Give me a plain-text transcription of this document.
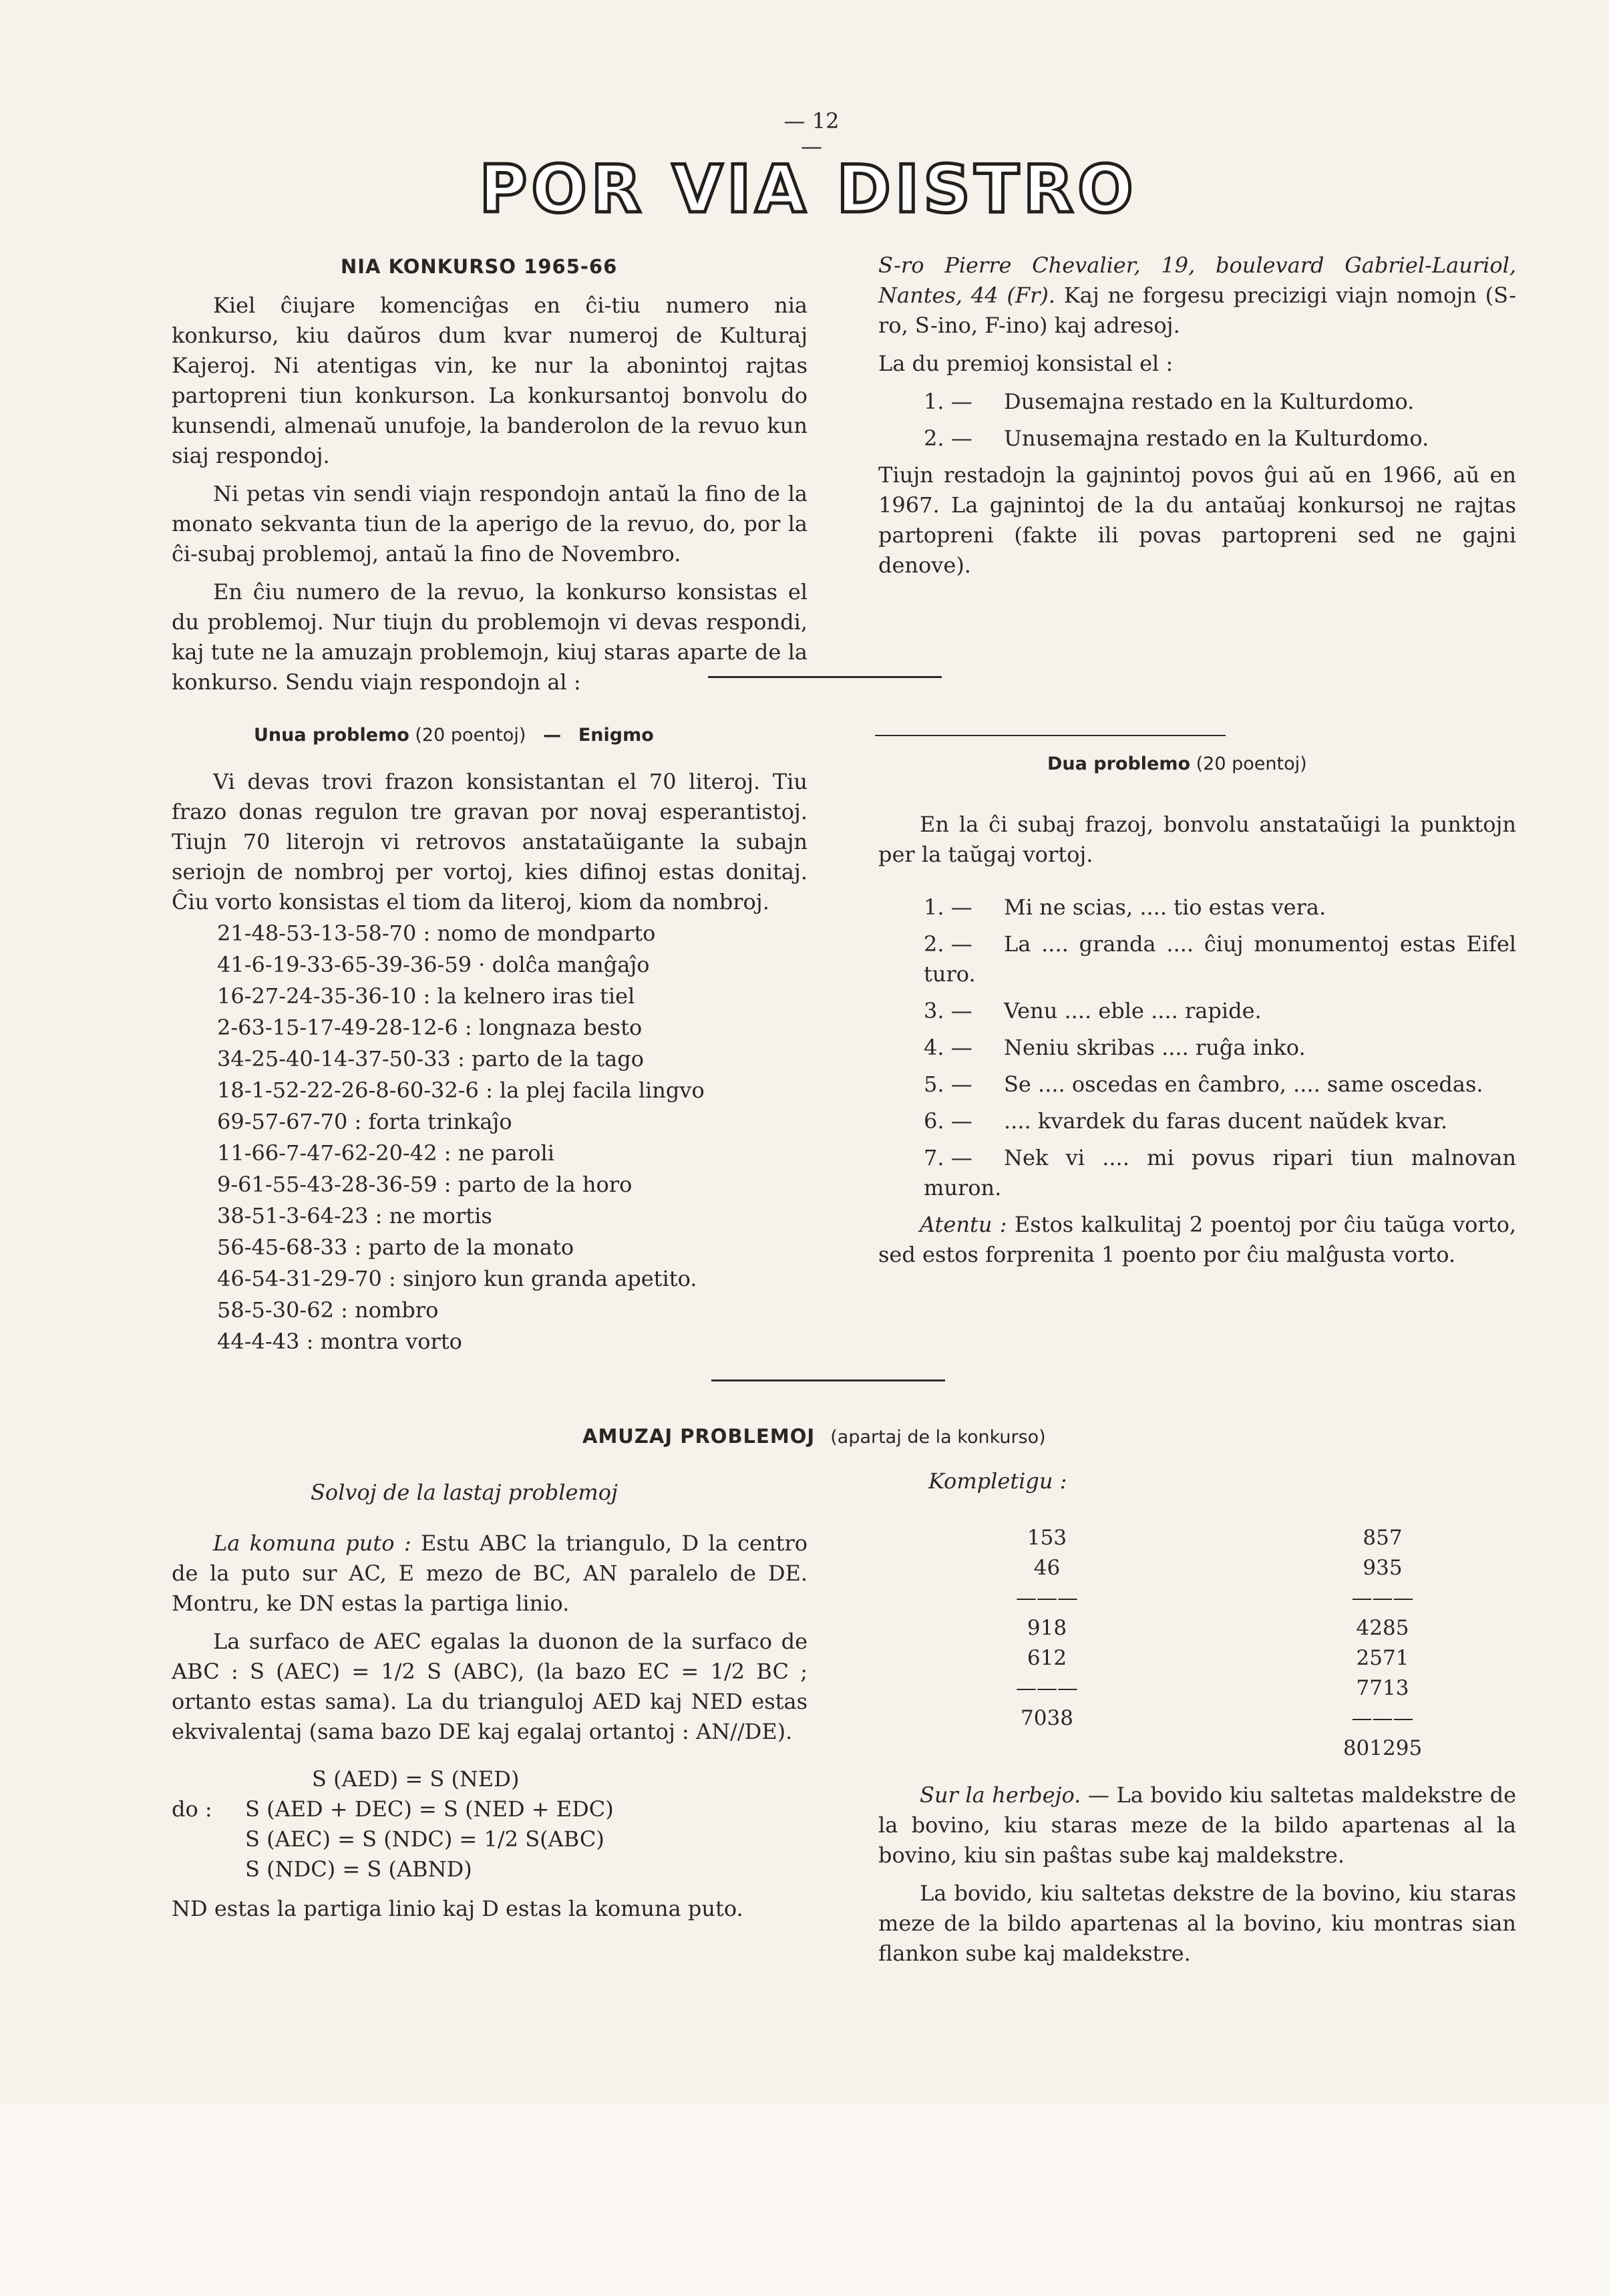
— 12 —
POR VIA DISTRO
NIA KONKURSO 1965-66

Kiel ĉiujare komenciĝas en ĉi-tiu numero nia konkurso, kiu daŭros dum kvar numeroj de Kulturaj Kajeroj. Ni atentigas vin, ke nur la abonintoj rajtas partopreni tiun konkurson. La konkursantoj bonvolu do kunsendi, almenaŭ unufoje, la banderolon de la revuo kun siaj respondoj.

Ni petas vin sendi viajn respondojn antaŭ la fino de la monato sekvanta tiun de la aperigo de la revuo, do, por la ĉi-subaj problemoj, antaŭ la fino de Novembro.

En ĉiu numero de la revuo, la konkurso konsistas el du problemoj. Nur tiujn du problemojn vi devas respondi, kaj tute ne la amuzajn problemojn, kiuj staras aparte de la konkurso. Sendu viajn respondojn al :

S-ro Pierre Chevalier, 19, boulevard Gabriel-Lauriol, Nantes, 44 (Fr). Kaj ne forgesu precizigi viajn nomojn (S-ro, S-ino, F-ino) kaj adresoj.

La du premioj konsistal el :

1. — Dusemajna restado en la Kulturdomo.
2. — Unusemajna restado en la Kulturdomo.

Tiujn restadojn la gajnintoj povos ĝui aŭ en 1966, aŭ en 1967. La gajnintoj de la du antaŭaj konkursoj ne rajtas partopreni (fakte ili povas partopreni sed ne gajni denove).

Unua problemo (20 poentoj) — Enigmo

Vi devas trovi frazon konsistantan el 70 literoj. Tiu frazo donas regulon tre gravan por novaj esperantistoj. Tiujn 70 literojn vi retrovos anstataŭigante la subajn seriojn de nombroj per vortoj, kies difinoj estas donitaj. Ĉiu vorto konsistas el tiom da literoj, kiom da nombroj.

21-48-53-13-58-70 : nomo de mondparto
41-6-19-33-65-39-36-59 · dolĉa manĝaĵo
16-27-24-35-36-10 : la kelnero iras tiel
2-63-15-17-49-28-12-6 : longnaza besto
34-25-40-14-37-50-33 : parto de la tago
18-1-52-22-26-8-60-32-6 : la plej facila lingvo
69-57-67-70 : forta trinkaĵo
11-66-7-47-62-20-42 : ne paroli
9-61-55-43-28-36-59 : parto de la horo
38-51-3-64-23 : ne mortis
56-45-68-33 : parto de la monato
46-54-31-29-70 : sinjoro kun granda apetito.
58-5-30-62 : nombro
44-4-43 : montra vorto
Dua problemo (20 poentoj)

En la ĉi subaj frazoj, bonvolu anstataŭigi la punktojn per la taŭgaj vortoj.

1. — Mi ne scias, .... tio estas vera.
2. — La .... granda .... ĉiuj monumentoj estas Eifel turo.
3. — Venu .... eble .... rapide.
4. — Neniu skribas .... ruĝa inko.
5. — Se .... oscedas en ĉambro, .... same oscedas.
6. — .... kvardek du faras ducent naŭdek kvar.
7. — Nek vi .... mi povus ripari tiun malnovan muron.

Atentu : Estos kalkulitaj 2 poentoj por ĉiu taŭga vorto, sed estos forprenita 1 poento por ĉiu malĝusta vorto.

AMUZAJ PROBLEMOJ (apartaj de la konkurso)
Solvoj de la lastaj problemoj

La komuna puto : Estu ABC la triangulo, D la centro de la puto sur AC, E mezo de BC, AN paralelo de DE. Montru, ke DN estas la partiga linio.

La surfaco de AEC egalas la duonon de la surfaco de ABC : S (AEC) = 1/2 S (ABC), (la bazo EC = 1/2 BC ; ortanto estas sama). La du trianguloj AED kaj NED estas ekvivalentaj (sama bazo DE kaj egalaj ortantoj : AN//DE).

do :
S (AED) = S (NED)
S (AED + DEC) = S (NED + EDC)
S (AEC) = S (NDC) = 1/2 S(ABC)
S (NDC) = S (ABND)

ND estas la partiga linio kaj D estas la komuna puto.

Kompletigu :
153
46
———
918
612
———
7038
857
935
———
4285
2571
7713
———
801295

Sur la herbejo. — La bovido kiu saltetas maldekstre de la bovino, kiu staras meze de la bildo apartenas al la bovino, kiu sin paŝtas sube kaj maldekstre.

La bovido, kiu saltetas dekstre de la bovino, kiu staras meze de la bildo apartenas al la bovino, kiu montras sian flankon sube kaj maldekstre.
